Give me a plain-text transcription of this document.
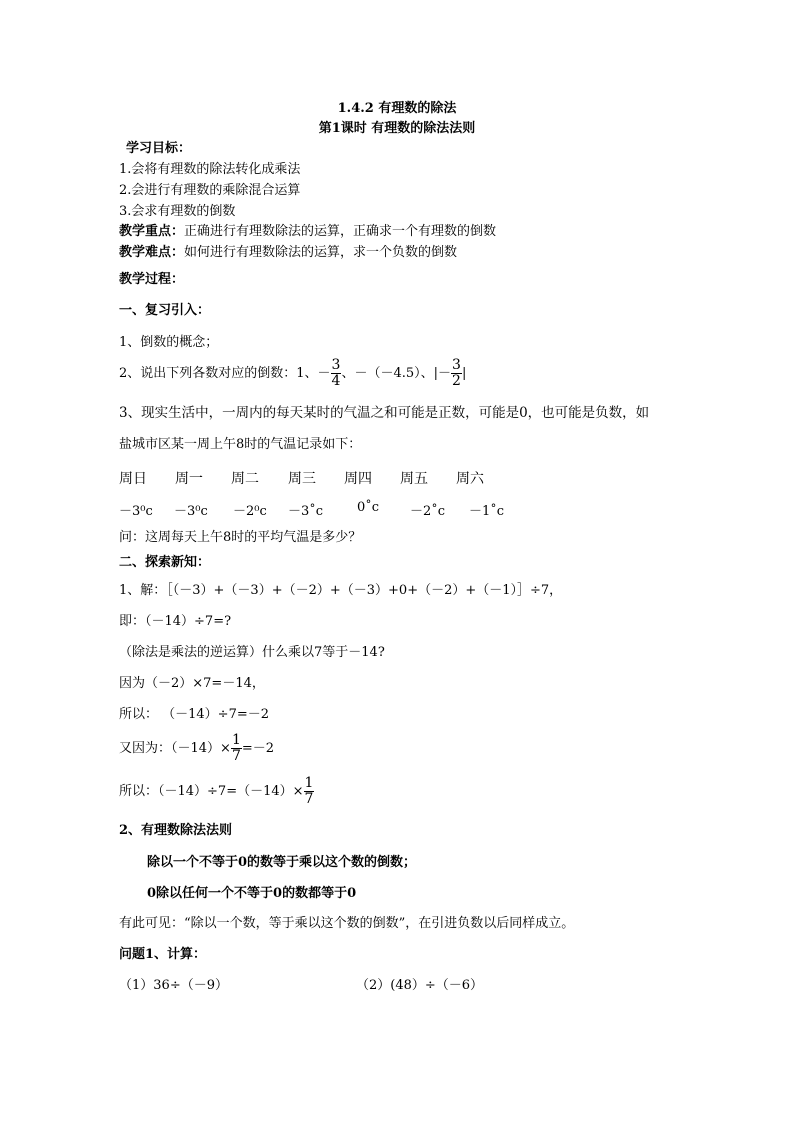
1.4.2 有理数的除法
第1课时 有理数的除法法则
学习目标：
1.会将有理数的除法转化成乘法
2.会进行有理数的乘除混合运算
3.会求有理数的倒数
教学重点：正确进行有理数除法的运算，正确求一个有理数的倒数
教学难点：如何进行有理数除法的运算，求一个负数的倒数
教学过程：
一、复习引入：
1、倒数的概念；
2、说出下列各数对应的倒数：1、－ $\frac{3}{4}$ 、－（－4.5）、|－ $\frac{3}{2}$ |
3、现实生活中，一周内的每天某时的气温之和可能是正数，可能是0，也可能是负数，如
盐城市区某一周上午8时的气温记录如下：
周日 周一 周二 周三 周四 周五 周六
－3⁰c －3⁰c －2⁰c －3˚c	0˚c －2˚c －1˚c
问：这周每天上午8时的平均气温是多少？
二、探索新知：
1、解：［（－3）+（－3）+（－2）+（－3）+0+（－2）+（－1）］÷7，
即：（－14）÷7=?
（除法是乘法的逆运算）什么乘以7等于－14?
因为（－2）×7=－14，
所以： （－14）÷7=－2
又因为：$(-14)\times \frac{1}{7} =-2$
所以：$(-14)\div 7=(-14)\times \frac{1}{7}$
2、有理数除法法则
除以一个不等于0的数等于乘以这个数的倒数；
0除以任何一个不等于0的数都等于0
有此可见：“除以一个数，等于乘以这个数的倒数”，在引进负数以后同样成立。
问题1、计算：
（1）36÷（－9）	（2）(48）÷（－6）
